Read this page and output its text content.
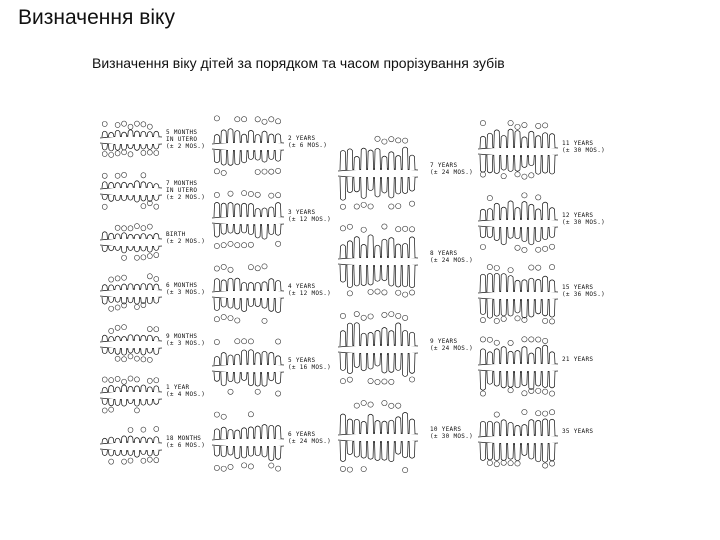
Визначення віку
Визначення віку дітей за порядком та часом прорізування зубів
5 MONTHS
IN UTERO
(± 2 MOS.)
7 MONTHS
IN UTERO
(± 2 MOS.)
BIRTH
(± 2 MOS.)
6 MONTHS
(± 3 MOS.)
9 MONTHS
(± 3 MOS.)
1 YEAR
(± 4 MOS.)
18 MONTHS
(± 6 MOS.)
2 YEARS
(± 6 MOS.)
3 YEARS
(± 12 MOS.)
4 YEARS
(± 12 MOS.)
5 YEARS
(± 16 MOS.)
6 YEARS
(± 24 MOS.)
7 YEARS
(± 24 MOS.)
8 YEARS
(± 24 MOS.)
9 YEARS
(± 24 MOS.)
10 YEARS
(± 30 MOS.)
11 YEARS
(± 30 MOS.)
12 YEARS
(± 30 MOS.)
15 YEARS
(± 36 MOS.)
21 YEARS
35 YEARS
